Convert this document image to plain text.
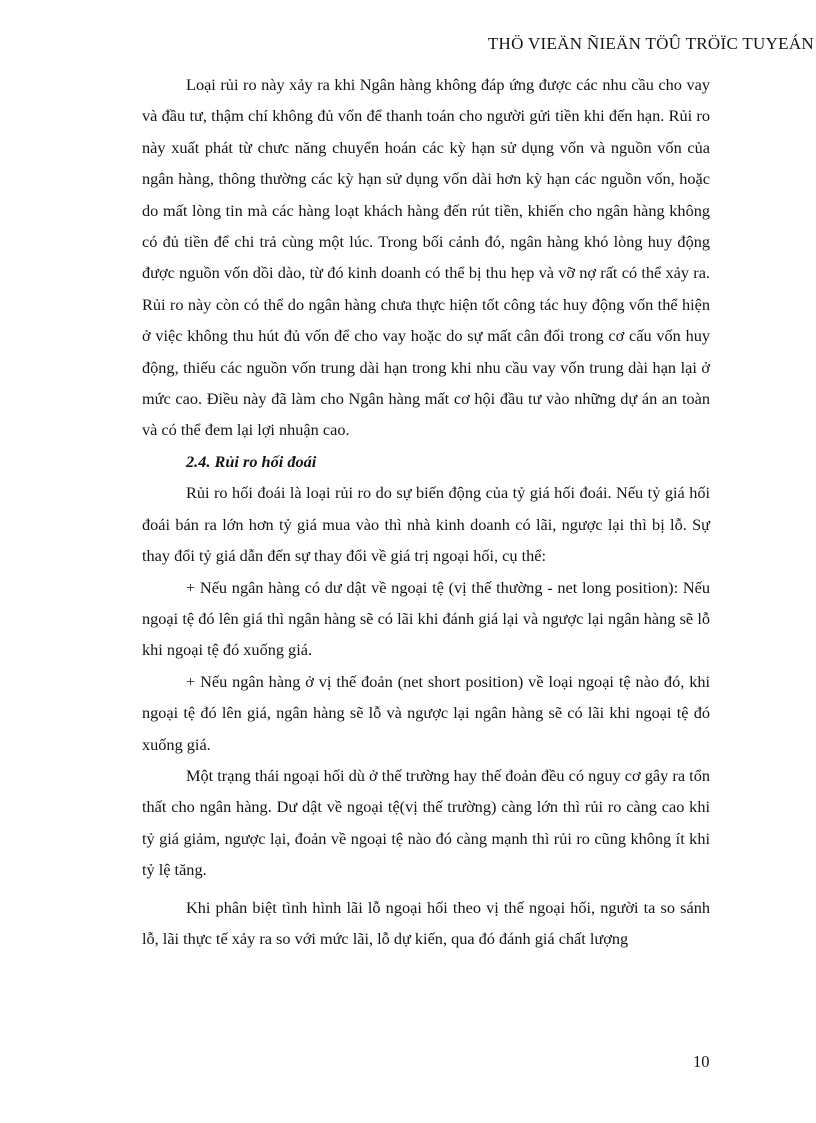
THÖ VIEÄN ÑIEÄN TÖÛ TRÖÏC TUYEÁN

Loại rủi ro này xảy ra khi Ngân hàng không đáp ứng được các nhu cầu cho vay và đầu tư, thậm chí không đủ vốn để thanh toán cho người gửi tiền khi đến hạn. Rủi ro này xuất phát từ chưc năng chuyển hoán các kỳ hạn sử dụng vốn và nguồn vốn của ngân hàng, thông thường các kỳ hạn sử dụng vốn dài hơn kỳ hạn các nguồn vốn, hoặc do mất lòng tin mà các hàng loạt khách hàng đến rút tiền, khiến cho ngân hàng không có đủ tiền để chi trả cùng một lúc. Trong bối cảnh đó, ngân hàng khó lòng huy động được nguồn vốn dồi dào, từ đó kinh doanh có thể bị thu hẹp và vỡ nợ rất có thể xảy ra. Rủi ro này còn có thể do ngân hàng chưa thực hiện tốt công tác huy động vốn thể hiện ở việc không thu hút đủ vốn để cho vay hoặc do sự mất cân đối trong cơ cấu vốn huy động, thiếu các nguồn vốn trung dài hạn trong khi nhu cầu vay vốn trung dài hạn lại ở mức cao. Điều này đã làm cho Ngân hàng mất cơ hội đầu tư vào những dự án an toàn và có thể đem lại lợi nhuận cao.

2.4. Rủi ro hối đoái

Rủi ro hối đoái là loại rủi ro do sự biến động của tỷ giá hối đoái. Nếu tỷ giá hối đoái bán ra lớn hơn tỷ giá mua vào thì nhà kinh doanh có lãi, ngược lại thì bị lỗ. Sự thay đổi tỷ giá dẫn đến sự thay đổi về giá trị ngoại hối, cụ thể:

+ Nếu ngân hàng có dư dật về ngoại tệ (vị thế thường - net long position): Nếu ngoại tệ đó lên giá thì ngân hàng sẽ có lãi khi đánh giá lại và ngược lại ngân hàng sẽ lỗ khi ngoại tệ đó xuống giá.

+ Nếu ngân hàng ở vị thế đoản (net short position) về loại ngoại tệ nào đó, khi ngoại tệ đó lên giá, ngân hàng sẽ lỗ và ngược lại ngân hàng sẽ có lãi khi ngoại tệ đó xuống giá.

Một trạng thái ngoại hối dù ở thế trường hay thế đoản đều có nguy cơ gây ra tổn thất cho ngân hàng. Dư dật về ngoại tệ(vị thế trường) càng lớn thì rủi ro càng cao khi tỷ giá giảm, ngược lại, đoản về ngoại tệ nào đó càng mạnh thì rủi ro cũng không ít khi tỷ lệ tăng.

Khi phân biệt tình hình lãi lỗ ngoại hối theo vị thế ngoại hối, người ta so sánh lỗ, lãi thực tế xảy ra so với mức lãi, lỗ dự kiến, qua đó đánh giá chất lượng

10
